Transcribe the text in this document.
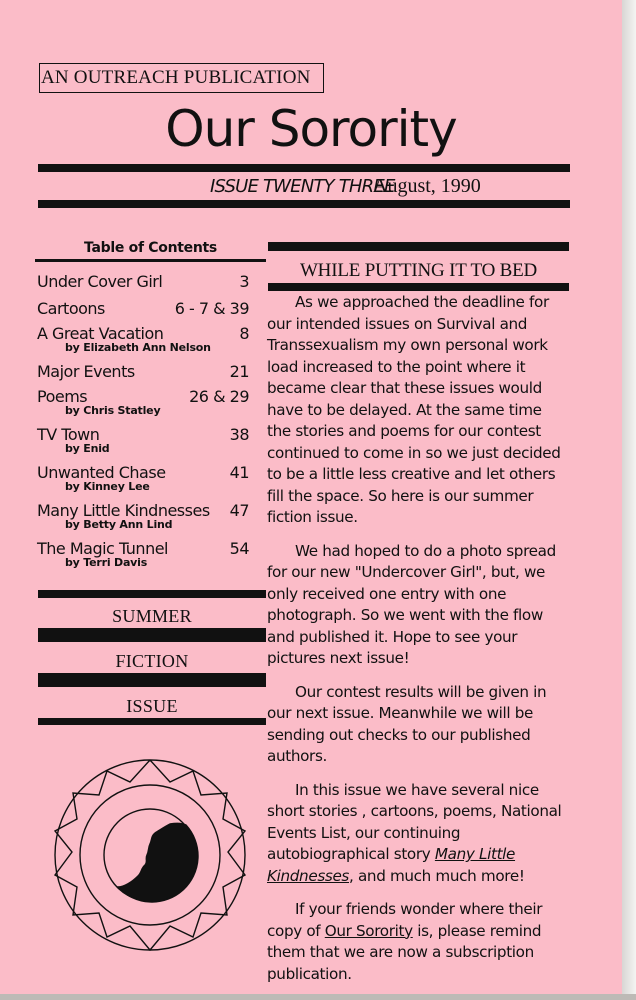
AN OUTREACH PUBLICATION
Our Sorority
ISSUE TWENTY THREE
August, 1990
Table of Contents
Under Cover Girl	3
Cartoons	6 - 7 & 39
A Great Vacation	8
by Elizabeth Ann Nelson
Major Events	21
Poems	26 & 29
by Chris Statley
TV Town	38
by Enid
Unwanted Chase	41
by Kinney Lee
Many Little Kindnesses 47
by Betty Ann Lind
The Magic Tunnel	54
by Terri Davis
SUMMER
FICTION
ISSUE
WHILE PUTTING IT TO BED

As we approached the deadline for our intended issues on Survival and Transsexualism my own personal work load increased to the point where it became clear that these issues would have to be delayed. At the same time the stories and poems for our contest continued to come in so we just decided to be a little less creative and let others fill the space. So here is our summer fiction issue.

We had hoped to do a photo spread for our new "Undercover Girl", but, we only received one entry with one photograph. So we went with the flow and published it. Hope to see your pictures next issue!

Our contest results will be given in our next issue. Meanwhile we will be sending out checks to our published authors.

In this issue we have several nice short stories , cartoons, poems, National Events List, our continuing autobiographical story Many Little Kindnesses, and much much more!

If your friends wonder where their copy of Our Sorority is, please remind them that we are now a subscription publication.
